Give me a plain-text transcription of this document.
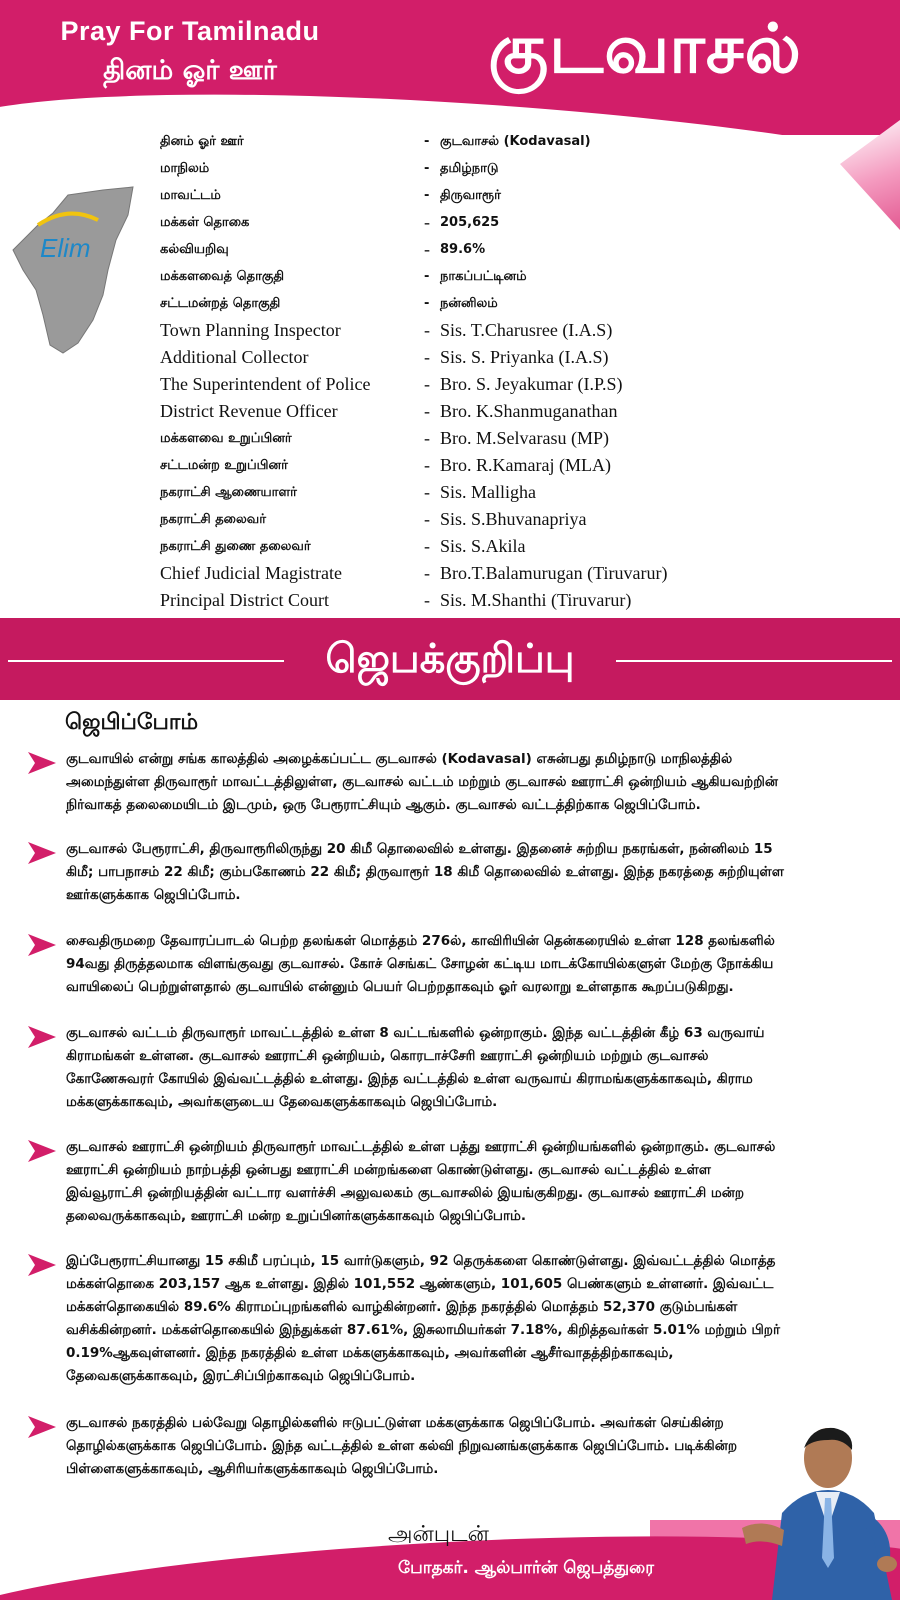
Pray For Tamilnadu
தினம் ஓர் ஊர்	குடவாசல்
Elim
தினம் ஓர் ஊர்	- குடவாசல் (Kodavasal)
மாநிலம்	- தமிழ்நாடு
மாவட்டம்	- திருவாரூர்
மக்கள் தொகை	- 205,625
கல்வியறிவு	- 89.6%
மக்களவைத் தொகுதி	- நாகப்பட்டினம்
சட்டமன்றத் தொகுதி	- நன்னிலம்
Town Planning Inspector	- Sis. T.Charusree (I.A.S)
Additional Collector	- Sis. S. Priyanka (I.A.S)
The Superintendent of Police	- Bro. S. Jeyakumar (I.P.S)
District Revenue Officer	- Bro. K.Shanmuganathan
மக்களவை உறுப்பினர்	- Bro. M.Selvarasu (MP)
சட்டமன்ற உறுப்பினர்	- Bro. R.Kamaraj (MLA)
நகராட்சி ஆணையாளர்	- Sis. Malligha
நகராட்சி தலைவர்	- Sis. S.Bhuvanapriya
நகராட்சி துணை தலைவர்	- Sis. S.Akila
Chief Judicial Magistrate	- Bro.T.Balamurugan (Tiruvarur)
Principal District Court	- Sis. M.Shanthi (Tiruvarur)
ஜெபக்குறிப்பு
ஜெபிப்போம்
குடவாயில் என்று சங்க காலத்தில் அழைக்கப்பட்ட குடவாசல் (Kodavasal) எசுன்பது தமிழ்நாடு மாநிலத்தில்
அமைந்துள்ள திருவாரூர் மாவட்டத்திலுள்ள, குடவாசல் வட்டம் மற்றும் குடவாசல் ஊராட்சி ஒன்றியம் ஆகியவற்றின்
நிர்வாகத் தலைமையிடம் இடமும், ஒரு பேரூராட்சியும் ஆகும். குடவாசல் வட்டத்திற்காக ஜெபிப்போம்.
குடவாசல் பேரூராட்சி, திருவாரூரிலிருந்து 20 கிமீ தொலைவில் உள்ளது. இதனைச் சுற்றிய நகரங்கள், நன்னிலம் 15
கிமீ; பாபநாசம் 22 கிமீ; கும்பகோணம் 22 கிமீ; திருவாரூர் 18 கிமீ தொலைவில் உள்ளது. இந்த நகரத்தை சுற்றியுள்ள
ஊர்களுக்காக ஜெபிப்போம்.
சைவதிருமறை தேவாரப்பாடல் பெற்ற தலங்கள் மொத்தம் 276ல், காவிரியின் தென்கரையில் உள்ள 128 தலங்களில்
94வது திருத்தலமாக விளங்குவது குடவாசல். கோச் செங்கட் சோழன் கட்டிய மாடக்கோயில்களுள் மேற்கு நோக்கிய
வாயிலைப் பெற்றுள்ளதால் குடவாயில் என்னும் பெயர் பெற்றதாகவும் ஓர் வரலாறு உள்ளதாக கூறப்படுகிறது.
குடவாசல் வட்டம் திருவாரூர் மாவட்டத்தில் உள்ள 8 வட்டங்களில் ஒன்றாகும். இந்த வட்டத்தின் கீழ் 63 வருவாய்
கிராமங்கள் உள்ளன. குடவாசல் ஊராட்சி ஒன்றியம், கொரடாச்சேரி ஊராட்சி ஒன்றியம் மற்றும் குடவாசல்
கோணேசுவரர் கோயில் இவ்வட்டத்தில் உள்ளது. இந்த வட்டத்தில் உள்ள வருவாய் கிராமங்களுக்காகவும், கிராம
மக்களுக்காகவும், அவர்களுடைய தேவைகளுக்காகவும் ஜெபிப்போம்.
குடவாசல் ஊராட்சி ஒன்றியம் திருவாரூர் மாவட்டத்தில் உள்ள பத்து ஊராட்சி ஒன்றியங்களில் ஒன்றாகும். குடவாசல்
ஊராட்சி ஒன்றியம் நாற்பத்தி ஒன்பது ஊராட்சி மன்றங்களை கொண்டுள்ளது. குடவாசல் வட்டத்தில் உள்ள
இவ்வூராட்சி ஒன்றியத்தின் வட்டார வளர்ச்சி அலுவலகம் குடவாசலில் இயங்குகிறது. குடவாசல் ஊராட்சி மன்ற
தலைவருக்காகவும், ஊராட்சி மன்ற உறுப்பினர்களுக்காகவும் ஜெபிப்போம்.
இப்பேரூராட்சியானது 15 சகிமீ பரப்பும், 15 வார்டுகளும், 92 தெருக்களை கொண்டுள்ளது. இவ்வட்டத்தில் மொத்த
மக்கள்தொகை 203,157 ஆக உள்ளது. இதில் 101,552 ஆண்களும், 101,605 பெண்களும் உள்ளனர். இவ்வட்ட
மக்கள்தொகையில் 89.6% கிராமப்புறங்களில் வாழ்கின்றனர். இந்த நகரத்தில் மொத்தம் 52,370 குடும்பங்கள்
வசிக்கின்றனர். மக்கள்தொகையில் இந்துக்கள் 87.61%, இசுலாமியர்கள் 7.18%, கிறித்தவர்கள் 5.01% மற்றும் பிறர்
0.19%ஆகவுள்ளனர். இந்த நகரத்தில் உள்ள மக்களுக்காகவும், அவர்களின் ஆசீர்வாதத்திற்காகவும்,
தேவைகளுக்காகவும், இரட்சிப்பிற்காகவும் ஜெபிப்போம்.
குடவாசல் நகரத்தில் பல்வேறு தொழில்களில் ஈடுபட்டுள்ள மக்களுக்காக ஜெபிப்போம். அவர்கள் செய்கின்ற
தொழில்களுக்காக ஜெபிப்போம். இந்த வட்டத்தில் உள்ள கல்வி நிறுவனங்களுக்காக ஜெபிப்போம். படிக்கின்ற
பிள்ளைகளுக்காகவும், ஆசிரியர்களுக்காகவும் ஜெபிப்போம்.
அன்புடன்
போதகர். ஆல்பார்ன் ஜெபத்துரை
